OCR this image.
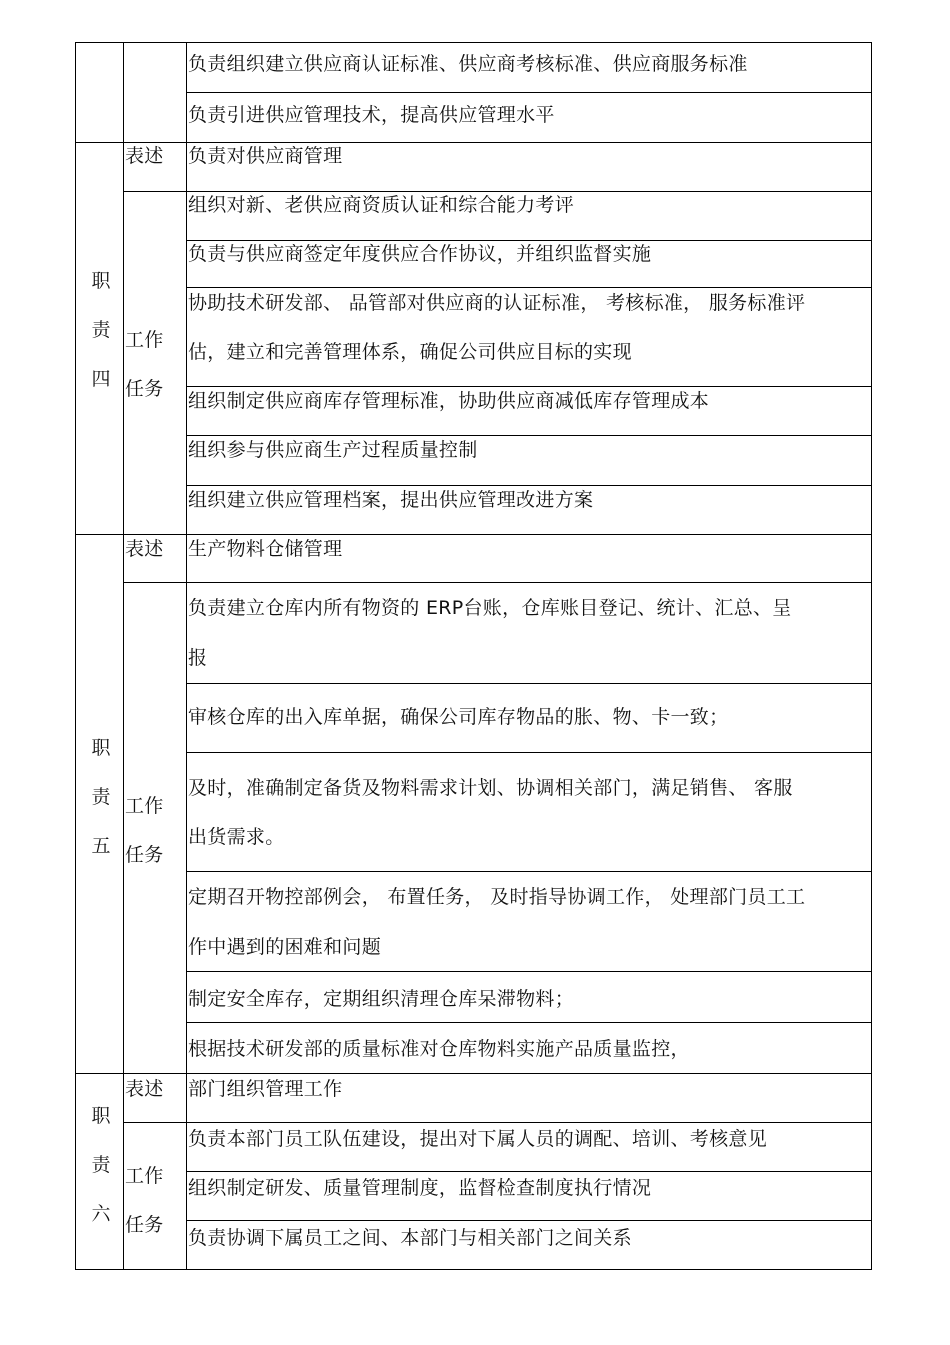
负责组织建立供应商认证标准、供应商考核标准、供应商服务标准
负责引进供应管理技术，提高供应管理水平
职
责
四
表述 负责对供应商管理
工作
任务
组织对新、老供应商资质认证和综合能力考评
负责与供应商签定年度供应合作协议，并组织监督实施
协助技术研发部、 品管部对供应商的认证标准， 考核标准， 服务标准评
估，建立和完善管理体系，确促公司供应目标的实现
组织制定供应商库存管理标准，协助供应商减低库存管理成本
组织参与供应商生产过程质量控制
组织建立供应管理档案，提出供应管理改进方案
职
责
五
表述 生产物料仓储管理
工作
任务
负责建立仓库内所有物资的 ERP台账，仓库账目登记、统计、汇总、呈
报
审核仓库的出入库单据，确保公司库存物品的胀、物、卡一致；
及时，准确制定备货及物料需求计划、协调相关部门，满足销售、 客服
出货需求。
定期召开物控部例会， 布置任务， 及时指导协调工作， 处理部门员工工
作中遇到的困难和问题
制定安全库存，定期组织清理仓库呆滞物料；
根据技术研发部的质量标准对仓库物料实施产品质量监控，
职
责
六
表述 部门组织管理工作
工作
任务
负责本部门员工队伍建设，提出对下属人员的调配、培训、考核意见
组织制定研发、质量管理制度，监督检查制度执行情况
负责协调下属员工之间、本部门与相关部门之间关系
